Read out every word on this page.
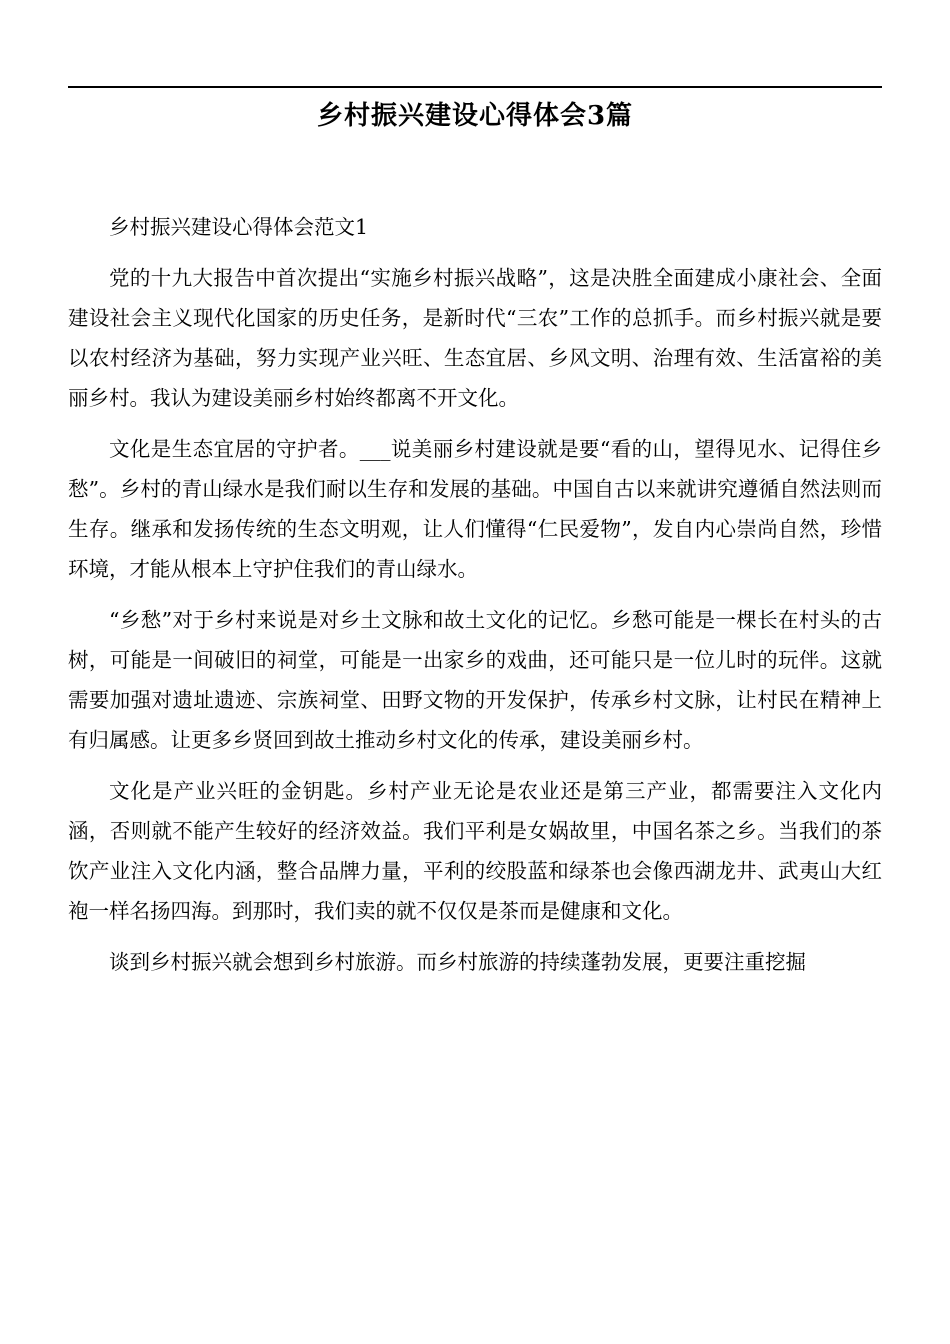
乡村振兴建设心得体会3篇

乡村振兴建设心得体会范文1

党的十九大报告中首次提出“实施乡村振兴战略”，这是决胜全面建成小康社会、全面建设社会主义现代化国家的历史任务，是新时代“三农”工作的总抓手。而乡村振兴就是要以农村经济为基础，努力实现产业兴旺、生态宜居、乡风文明、治理有效、生活富裕的美丽乡村。我认为建设美丽乡村始终都离不开文化。

文化是生态宜居的守护者。___说美丽乡村建设就是要“看的山，望得见水、记得住乡愁”。乡村的青山绿水是我们耐以生存和发展的基础。中国自古以来就讲究遵循自然法则而生存。继承和发扬传统的生态文明观，让人们懂得“仁民爱物”，发自内心崇尚自然，珍惜环境，才能从根本上守护住我们的青山绿水。

“乡愁”对于乡村来说是对乡土文脉和故土文化的记忆。乡愁可能是一棵长在村头的古树，可能是一间破旧的祠堂，可能是一出家乡的戏曲，还可能只是一位儿时的玩伴。这就需要加强对遗址遗迹、宗族祠堂、田野文物的开发保护，传承乡村文脉，让村民在精神上有归属感。让更多乡贤回到故土推动乡村文化的传承，建设美丽乡村。

文化是产业兴旺的金钥匙。乡村产业无论是农业还是第三产业，都需要注入文化内涵，否则就不能产生较好的经济效益。我们平利是女娲故里，中国名茶之乡。当我们的茶饮产业注入文化内涵，整合品牌力量，平利的绞股蓝和绿茶也会像西湖龙井、武夷山大红袍一样名扬四海。到那时，我们卖的就不仅仅是茶而是健康和文化。

谈到乡村振兴就会想到乡村旅游。而乡村旅游的持续蓬勃发展，更要注重挖掘
